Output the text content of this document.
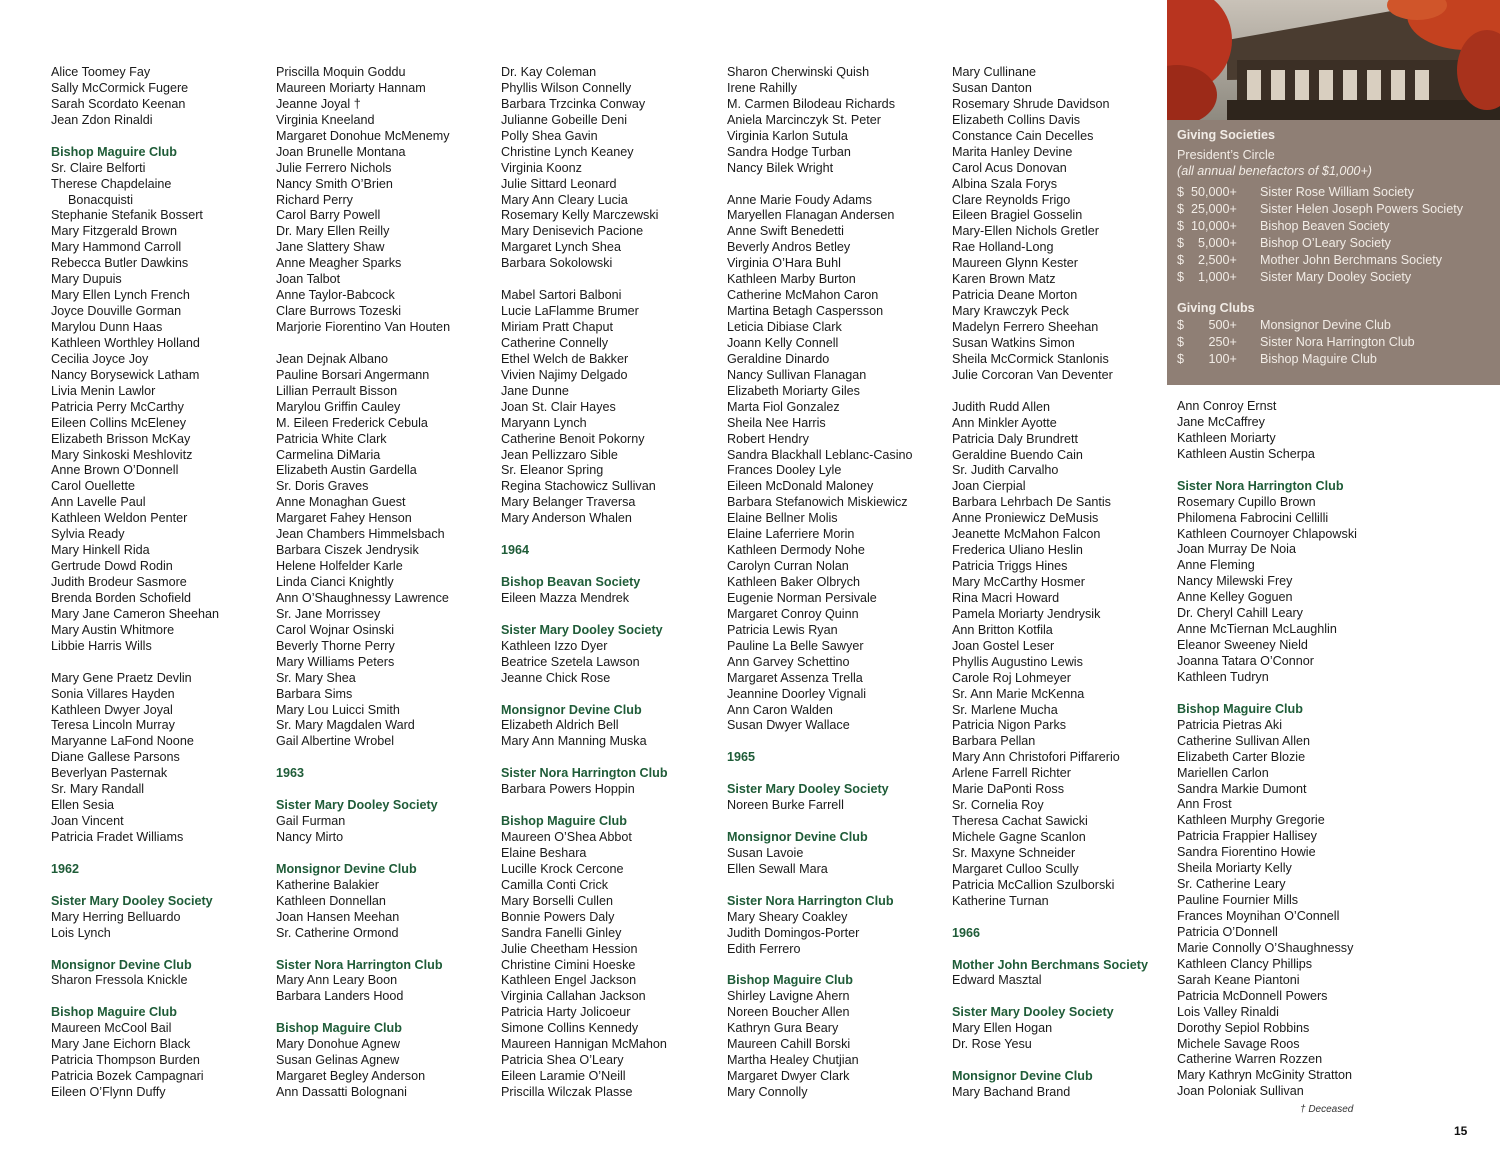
Giving Societies
President’s Circle
(all annual benefactors of $1,000+)
$  50,000+ Sister Rose William Society
$  25,000+ Sister Helen Joseph Powers Society
$  10,000+ Bishop Beaven Society
$    5,000+ Bishop O’Leary Society
$    2,500+ Mother John Berchmans Society
$    1,000+ Sister Mary Dooley Society
Giving Clubs
$       500+ Monsignor Devine Club
$       250+ Sister Nora Harrington Club
$       100+ Bishop Maguire Club
Alice Toomey Fay
Sally McCormick Fugere
Sarah Scordato Keenan
Jean Zdon Rinaldi
Bishop Maguire Club
Sr. Claire Belforti
Therese Chapdelaine
Bonacquisti
Stephanie Stefanik Bossert
Mary Fitzgerald Brown
Mary Hammond Carroll
Rebecca Butler Dawkins
Mary Dupuis
Mary Ellen Lynch French
Joyce Douville Gorman
Marylou Dunn Haas
Kathleen Worthley Holland
Cecilia Joyce Joy
Nancy Borysewick Latham
Livia Menin Lawlor
Patricia Perry McCarthy
Eileen Collins McEleney
Elizabeth Brisson McKay
Mary Sinkoski Meshlovitz
Anne Brown O’Donnell
Carol Ouellette
Ann Lavelle Paul
Kathleen Weldon Penter
Sylvia Ready
Mary Hinkell Rida
Gertrude Dowd Rodin
Judith Brodeur Sasmore
Brenda Borden Schofield
Mary Jane Cameron Sheehan
Mary Austin Whitmore
Libbie Harris Wills
Mary Gene Praetz Devlin
Sonia Villares Hayden
Kathleen Dwyer Joyal
Teresa Lincoln Murray
Maryanne LaFond Noone
Diane Gallese Parsons
Beverlyan Pasternak
Sr. Mary Randall
Ellen Sesia
Joan Vincent
Patricia Fradet Williams
1962
Sister Mary Dooley Society
Mary Herring Belluardo
Lois Lynch
Monsignor Devine Club
Sharon Fressola Knickle
Bishop Maguire Club
Maureen McCool Bail
Mary Jane Eichorn Black
Patricia Thompson Burden
Patricia Bozek Campagnari
Eileen O’Flynn Duffy
Priscilla Moquin Goddu
Maureen Moriarty Hannam
Jeanne Joyal †
Virginia Kneeland
Margaret Donohue McMenemy
Joan Brunelle Montana
Julie Ferrero Nichols
Nancy Smith O’Brien
Richard Perry
Carol Barry Powell
Dr. Mary Ellen Reilly
Jane Slattery Shaw
Anne Meagher Sparks
Joan Talbot
Anne Taylor-Babcock
Clare Burrows Tozeski
Marjorie Fiorentino Van Houten
Jean Dejnak Albano
Pauline Borsari Angermann
Lillian Perrault Bisson
Marylou Griffin Cauley
M. Eileen Frederick Cebula
Patricia White Clark
Carmelina DiMaria
Elizabeth Austin Gardella
Sr. Doris Graves
Anne Monaghan Guest
Margaret Fahey Henson
Jean Chambers Himmelsbach
Barbara Ciszek Jendrysik
Helene Holfelder Karle
Linda Cianci Knightly
Ann O’Shaughnessy Lawrence
Sr. Jane Morrissey
Carol Wojnar Osinski
Beverly Thorne Perry
Mary Williams Peters
Sr. Mary Shea
Barbara Sims
Mary Lou Luicci Smith
Sr. Mary Magdalen Ward
Gail Albertine Wrobel
1963
Sister Mary Dooley Society
Gail Furman
Nancy Mirto
Monsignor Devine Club
Katherine Balakier
Kathleen Donnellan
Joan Hansen Meehan
Sr. Catherine Ormond
Sister Nora Harrington Club
Mary Ann Leary Boon
Barbara Landers Hood
Bishop Maguire Club
Mary Donohue Agnew
Susan Gelinas Agnew
Margaret Begley Anderson
Ann Dassatti Bolognani
Dr. Kay Coleman
Phyllis Wilson Connelly
Barbara Trzcinka Conway
Julianne Gobeille Deni
Polly Shea Gavin
Christine Lynch Keaney
Virginia Koonz
Julie Sittard Leonard
Mary Ann Cleary Lucia
Rosemary Kelly Marczewski
Mary Denisevich Pacione
Margaret Lynch Shea
Barbara Sokolowski
Mabel Sartori Balboni
Lucie LaFlamme Brumer
Miriam Pratt Chaput
Catherine Connelly
Ethel Welch de Bakker
Vivien Najimy Delgado
Jane Dunne
Joan St. Clair Hayes
Maryann Lynch
Catherine Benoit Pokorny
Jean Pellizzaro Sible
Sr. Eleanor Spring
Regina Stachowicz Sullivan
Mary Belanger Traversa
Mary Anderson Whalen
1964
Bishop Beavan Society
Eileen Mazza Mendrek
Sister Mary Dooley Society
Kathleen Izzo Dyer
Beatrice Szetela Lawson
Jeanne Chick Rose
Monsignor Devine Club
Elizabeth Aldrich Bell
Mary Ann Manning Muska
Sister Nora Harrington Club
Barbara Powers Hoppin
Bishop Maguire Club
Maureen O’Shea Abbot
Elaine Beshara
Lucille Krock Cercone
Camilla Conti Crick
Mary Borselli Cullen
Bonnie Powers Daly
Sandra Fanelli Ginley
Julie Cheetham Hession
Christine Cimini Hoeske
Kathleen Engel Jackson
Virginia Callahan Jackson
Patricia Harty Jolicoeur
Simone Collins Kennedy
Maureen Hannigan McMahon
Patricia Shea O’Leary
Eileen Laramie O’Neill
Priscilla Wilczak Plasse
Sharon Cherwinski Quish
Irene Rahilly
M. Carmen Bilodeau Richards
Aniela Marcinczyk St. Peter
Virginia Karlon Sutula
Sandra Hodge Turban
Nancy Bilek Wright
Anne Marie Foudy Adams
Maryellen Flanagan Andersen
Anne Swift Benedetti
Beverly Andros Betley
Virginia O’Hara Buhl
Kathleen Marby Burton
Catherine McMahon Caron
Martina Betagh Caspersson
Leticia Dibiase Clark
Joann Kelly Connell
Geraldine Dinardo
Nancy Sullivan Flanagan
Elizabeth Moriarty Giles
Marta Fiol Gonzalez
Sheila Nee Harris
Robert Hendry
Sandra Blackhall Leblanc-Casino
Frances Dooley Lyle
Eileen McDonald Maloney
Barbara Stefanowich Miskiewicz
Elaine Bellner Molis
Elaine Laferriere Morin
Kathleen Dermody Nohe
Carolyn Curran Nolan
Kathleen Baker Olbrych
Eugenie Norman Persivale
Margaret Conroy Quinn
Patricia Lewis Ryan
Pauline La Belle Sawyer
Ann Garvey Schettino
Margaret Assenza Trella
Jeannine Doorley Vignali
Ann Caron Walden
Susan Dwyer Wallace
1965
Sister Mary Dooley Society
Noreen Burke Farrell
Monsignor Devine Club
Susan Lavoie
Ellen Sewall Mara
Sister Nora Harrington Club
Mary Sheary Coakley
Judith Domingos-Porter
Edith Ferrero
Bishop Maguire Club
Shirley Lavigne Ahern
Noreen Boucher Allen
Kathryn Gura Beary
Maureen Cahill Borski
Martha Healey Chutjian
Margaret Dwyer Clark
Mary Connolly
Mary Cullinane
Susan Danton
Rosemary Shrude Davidson
Elizabeth Collins Davis
Constance Cain Decelles
Marita Hanley Devine
Carol Acus Donovan
Albina Szala Forys
Clare Reynolds Frigo
Eileen Bragiel Gosselin
Mary-Ellen Nichols Gretler
Rae Holland-Long
Maureen Glynn Kester
Karen Brown Matz
Patricia Deane Morton
Mary Krawczyk Peck
Madelyn Ferrero Sheehan
Susan Watkins Simon
Sheila McCormick Stanlonis
Julie Corcoran Van Deventer
Judith Rudd Allen
Ann Minkler Ayotte
Patricia Daly Brundrett
Geraldine Buendo Cain
Sr. Judith Carvalho
Joan Cierpial
Barbara Lehrbach De Santis
Anne Proniewicz DeMusis
Jeanette McMahon Falcon
Frederica Uliano Heslin
Patricia Triggs Hines
Mary McCarthy Hosmer
Rina Macri Howard
Pamela Moriarty Jendrysik
Ann Britton Kotfila
Joan Gostel Leser
Phyllis Augustino Lewis
Carole Roj Lohmeyer
Sr. Ann Marie McKenna
Sr. Marlene Mucha
Patricia Nigon Parks
Barbara Pellan
Mary Ann Christofori Piffarerio
Arlene Farrell Richter
Marie DaPonti Ross
Sr. Cornelia Roy
Theresa Cachat Sawicki
Michele Gagne Scanlon
Sr. Maxyne Schneider
Margaret Culloo Scully
Patricia McCallion Szulborski
Katherine Turnan
1966
Mother John Berchmans Society
Edward Masztal
Sister Mary Dooley Society
Mary Ellen Hogan
Dr. Rose Yesu
Monsignor Devine Club
Mary Bachand Brand
Ann Conroy Ernst
Jane McCaffrey
Kathleen Moriarty
Kathleen Austin Scherpa
Sister Nora Harrington Club
Rosemary Cupillo Brown
Philomena Fabrocini Cellilli
Kathleen Cournoyer Chlapowski
Joan Murray De Noia
Anne Fleming
Nancy Milewski Frey
Anne Kelley Goguen
Dr. Cheryl Cahill Leary
Anne McTiernan McLaughlin
Eleanor Sweeney Nield
Joanna Tatara O’Connor
Kathleen Tudryn
Bishop Maguire Club
Patricia Pietras Aki
Catherine Sullivan Allen
Elizabeth Carter Blozie
Mariellen Carlon
Sandra Markie Dumont
Ann Frost
Kathleen Murphy Gregorie
Patricia Frappier Hallisey
Sandra Fiorentino Howie
Sheila Moriarty Kelly
Sr. Catherine Leary
Pauline Fournier Mills
Frances Moynihan O’Connell
Patricia O’Donnell
Marie Connolly O’Shaughnessy
Kathleen Clancy Phillips
Sarah Keane Piantoni
Patricia McDonnell Powers
Lois Valley Rinaldi
Dorothy Sepiol Robbins
Michele Savage Roos
Catherine Warren Rozzen
Mary Kathryn McGinity Stratton
Joan Poloniak Sullivan
† Deceased
15
